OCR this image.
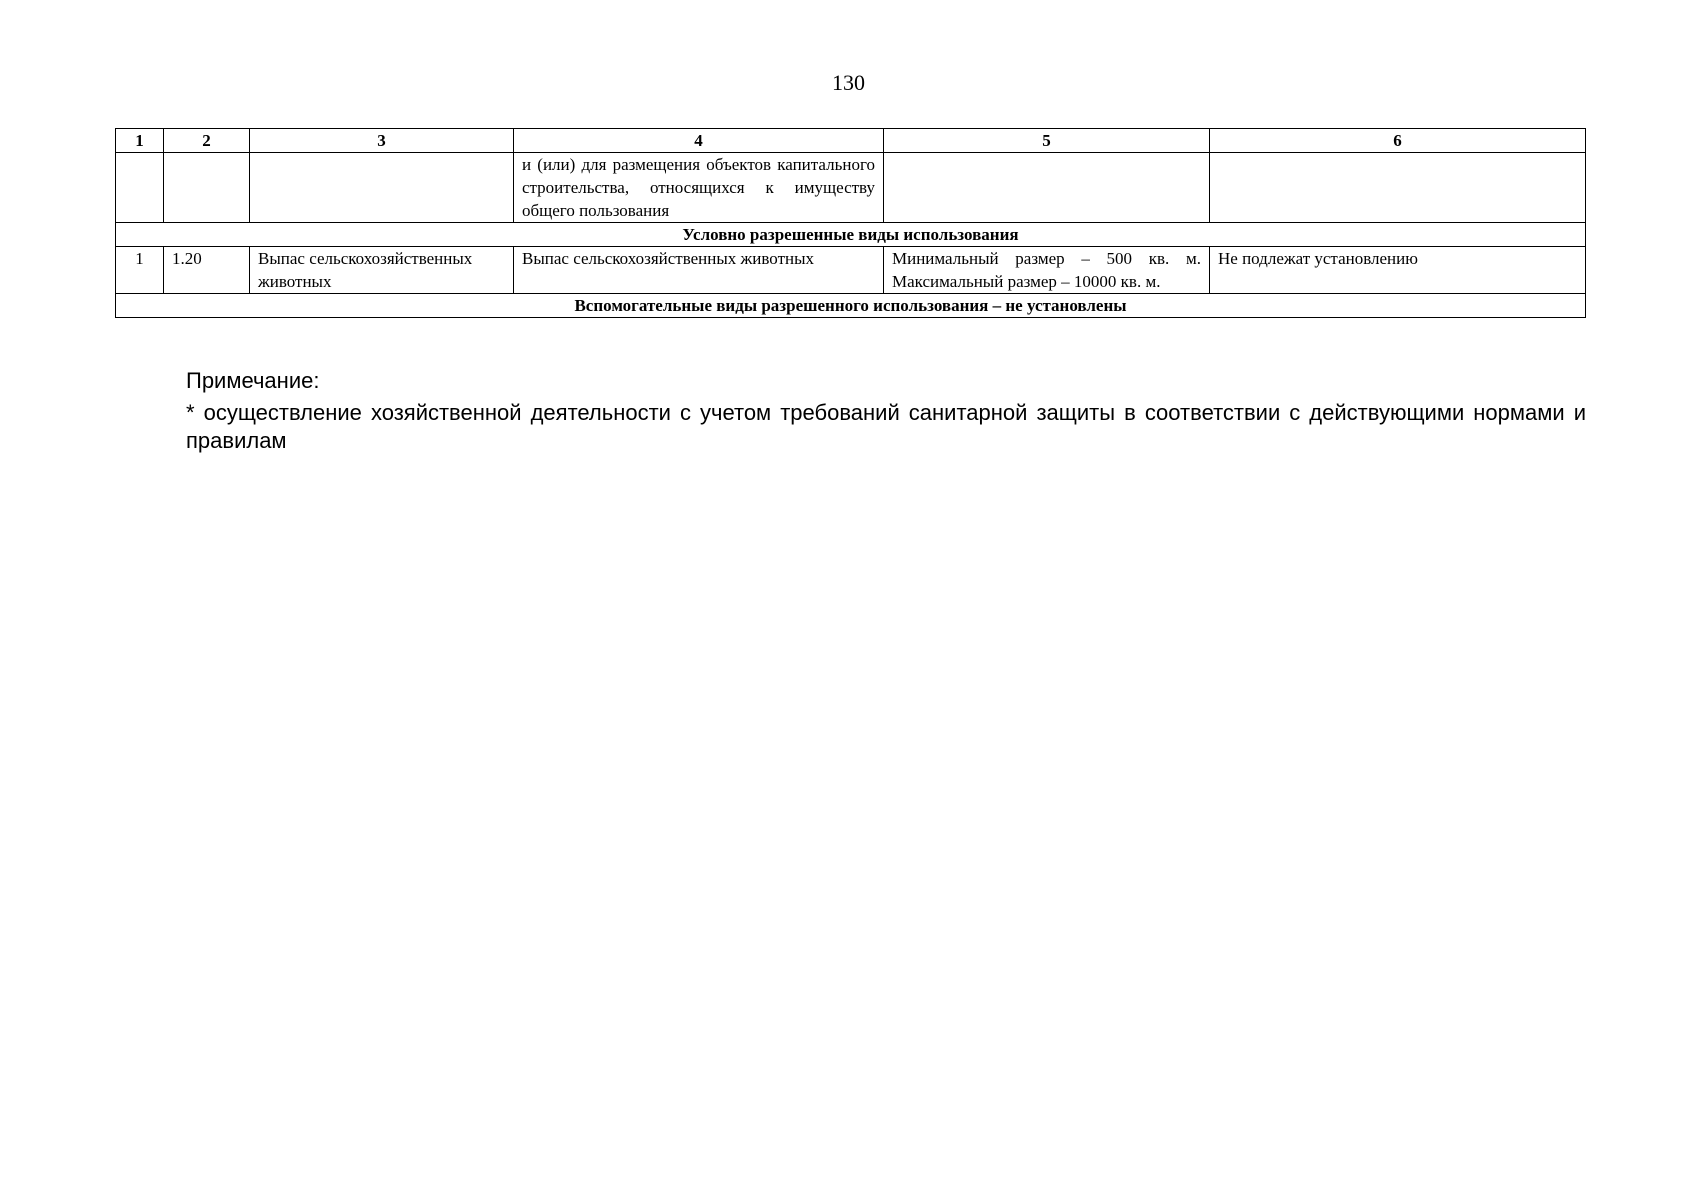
130
1	2	3	4	5	6
			и (или) для размещения объектов капитального строительства, относящихся к имуществу общего пользования		
Условно разрешенные виды использования					
1	1.20	Выпас сельскохозяйственных животных	Выпас сельскохозяйственных животных	Минимальный размер – 500 кв. м. Максимальный размер – 10000 кв. м.	Не подлежат установлению
Вспомогательные виды разрешенного использования – не установлены					
Примечание:
* осуществление хозяйственной деятельности с учетом требований санитарной защиты в соответствии с действующими нормами и правилам
